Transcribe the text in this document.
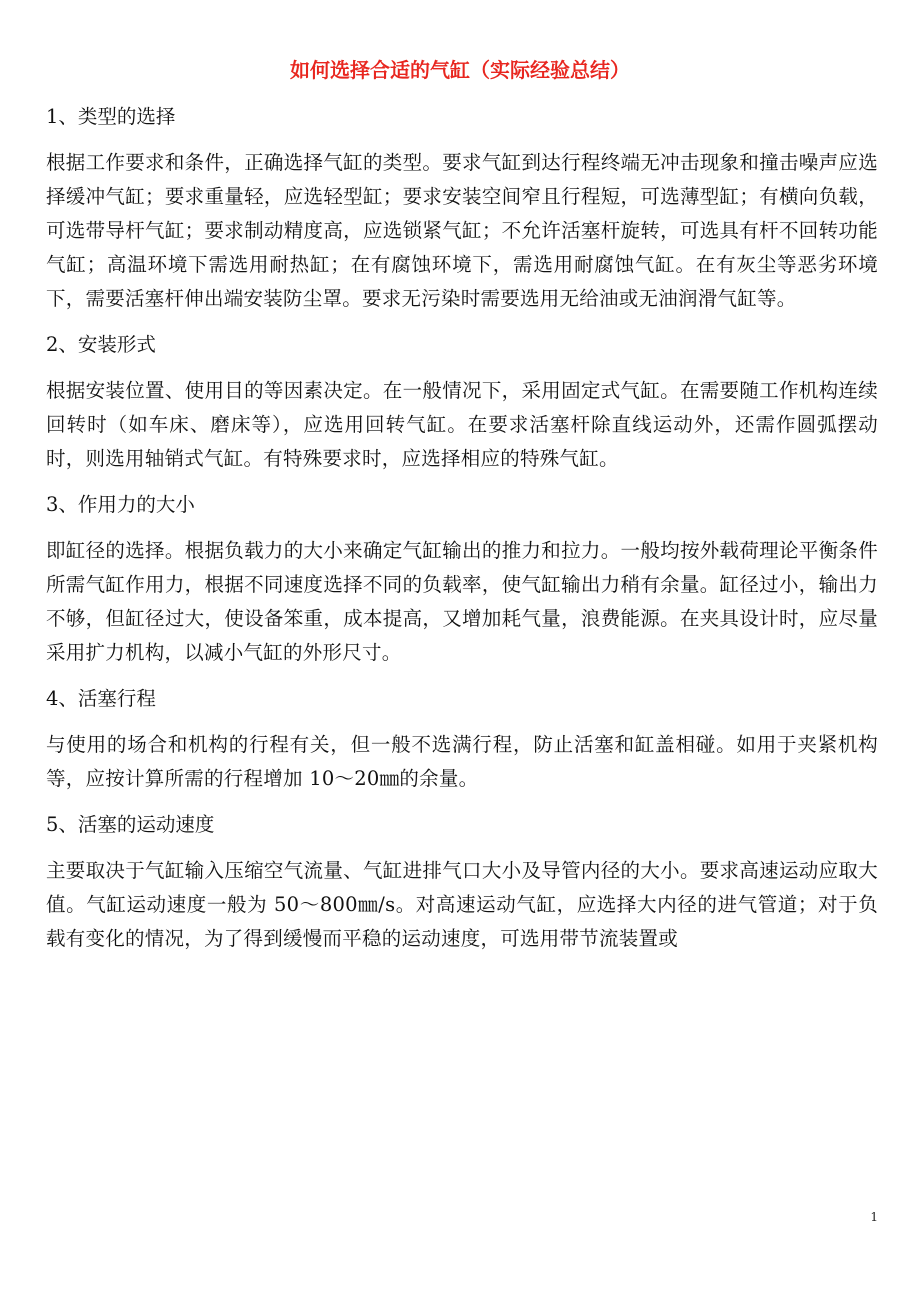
如何选择合适的气缸（实际经验总结）
1、类型的选择
根据工作要求和条件，正确选择气缸的类型。要求气缸到达行程终端无冲击现象和撞击噪声应选择缓冲气缸；要求重量轻，应选轻型缸；要求安装空间窄且行程短，可选薄型缸；有横向负载，可选带导杆气缸；要求制动精度高，应选锁紧气缸；不允许活塞杆旋转，可选具有杆不回转功能气缸；高温环境下需选用耐热缸；在有腐蚀环境下，需选用耐腐蚀气缸。在有灰尘等恶劣环境下，需要活塞杆伸出端安装防尘罩。要求无污染时需要选用无给油或无油润滑气缸等。
2、安装形式
根据安装位置、使用目的等因素决定。在一般情况下，采用固定式气缸。在需要随工作机构连续回转时（如车床、磨床等），应选用回转气缸。在要求活塞杆除直线运动外，还需作圆弧摆动时，则选用轴销式气缸。有特殊要求时，应选择相应的特殊气缸。
3、作用力的大小
即缸径的选择。根据负载力的大小来确定气缸输出的推力和拉力。一般均按外载荷理论平衡条件所需气缸作用力，根据不同速度选择不同的负载率，使气缸输出力稍有余量。缸径过小，输出力不够，但缸径过大，使设备笨重，成本提高，又增加耗气量，浪费能源。在夹具设计时，应尽量采用扩力机构，以减小气缸的外形尺寸。
4、活塞行程
与使用的场合和机构的行程有关，但一般不选满行程，防止活塞和缸盖相碰。如用于夹紧机构等，应按计算所需的行程增加 10～20㎜的余量。
5、活塞的运动速度
主要取决于气缸输入压缩空气流量、气缸进排气口大小及导管内径的大小。要求高速运动应取大值。气缸运动速度一般为 50～800㎜/s。对高速运动气缸，应选择大内径的进气管道；对于负载有变化的情况，为了得到缓慢而平稳的运动速度，可选用带节流装置或
1
